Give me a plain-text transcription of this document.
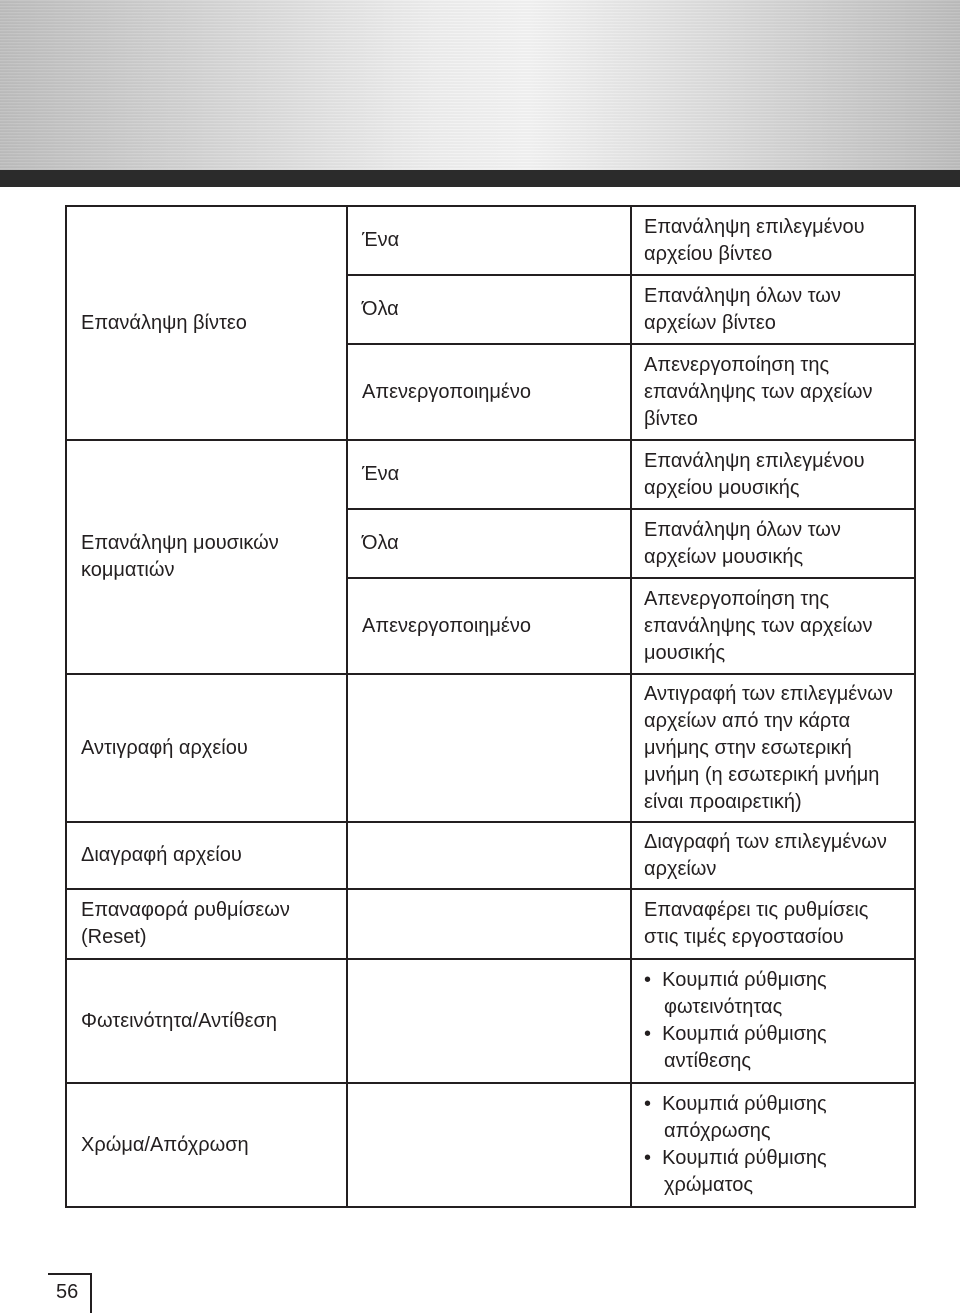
Επανάληψη βίντεο	Ένα	Επανάληψη επιλεγμένου αρχείου βίντεο
	Όλα	Επανάληψη όλων των αρχείων βίντεο
	Απενεργοποιημένο	Απενεργοποίηση της επανάληψης των αρχείων βίντεο
Επανάληψη μουσικών κομματιών	Ένα	Επανάληψη επιλεγμένου αρχείου μουσικής
	Όλα	Επανάληψη όλων των αρχείων μουσικής
	Απενεργοποιημένο	Απενεργοποίηση της επανάληψης των αρχείων μουσικής
Αντιγραφή αρχείου		Αντιγραφή των επιλεγμένων αρχείων από την κάρτα μνήμης στην εσωτερική μνήμη (η εσωτερική μνήμη είναι προαιρετική)
Διαγραφή αρχείου		Διαγραφή των επιλεγμένων αρχείων
Επαναφορά ρυθμίσεων (Reset)		Επαναφέρει τις ρυθμίσεις στις τιμές εργοστασίου
Φωτεινότητα/Αντίθεση		• Κουμπιά ρύθμισης φωτεινότητας
• Κουμπιά ρύθμισης αντίθεσης

Χρώμα/Απόχρωση		• Κουμπιά ρύθμισης απόχρωσης
• Κουμπιά ρύθμισης χρώματος
56
